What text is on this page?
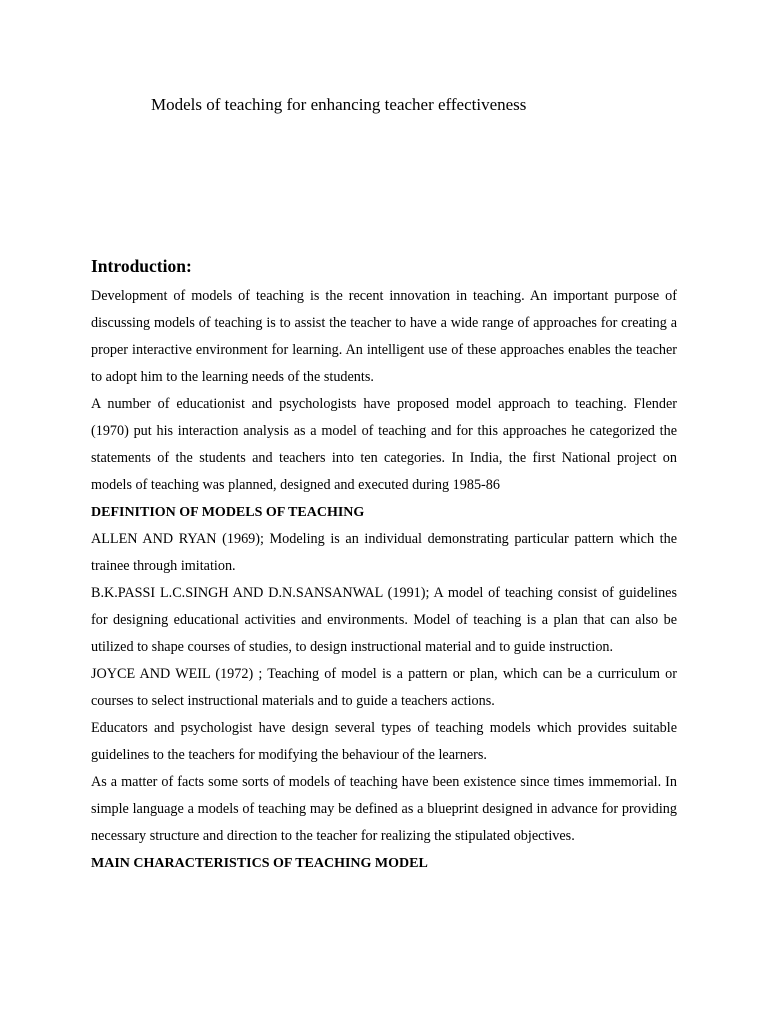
Models of teaching for enhancing teacher effectiveness
Introduction:

Development of models of teaching is the recent innovation in teaching. An important purpose of discussing models of teaching is to assist the teacher to have a wide range of approaches for creating a proper interactive environment for learning. An intelligent use of these approaches enables the teacher to adopt him to the learning needs of the students.

A number of educationist and psychologists have proposed model approach to teaching. Flender (1970) put his interaction analysis as a model of teaching and for this approaches he categorized the statements of the students and teachers into ten categories. In India, the first National project on models of teaching was planned, designed and executed during 1985-86

DEFINITION OF MODELS OF TEACHING

ALLEN AND RYAN (1969); Modeling is an individual demonstrating particular pattern which the trainee through imitation.

B.K.PASSI L.C.SINGH AND D.N.SANSANWAL (1991); A model of teaching consist of guidelines for designing educational activities and environments. Model of teaching is a plan that can also be utilized to shape courses of studies, to design instructional material and to guide instruction.

JOYCE AND WEIL (1972) ; Teaching of model is a pattern or plan, which can be a curriculum or courses to select instructional materials and to guide a teachers actions.

Educators and psychologist have design several types of teaching models which provides suitable guidelines to the teachers for modifying the behaviour of the learners.

As a matter of facts some sorts of models of teaching have been existence since times immemorial. In simple language a models of teaching may be defined as a blueprint designed in advance for providing necessary structure and direction to the teacher for realizing the stipulated objectives.

MAIN CHARACTERISTICS OF TEACHING MODEL
